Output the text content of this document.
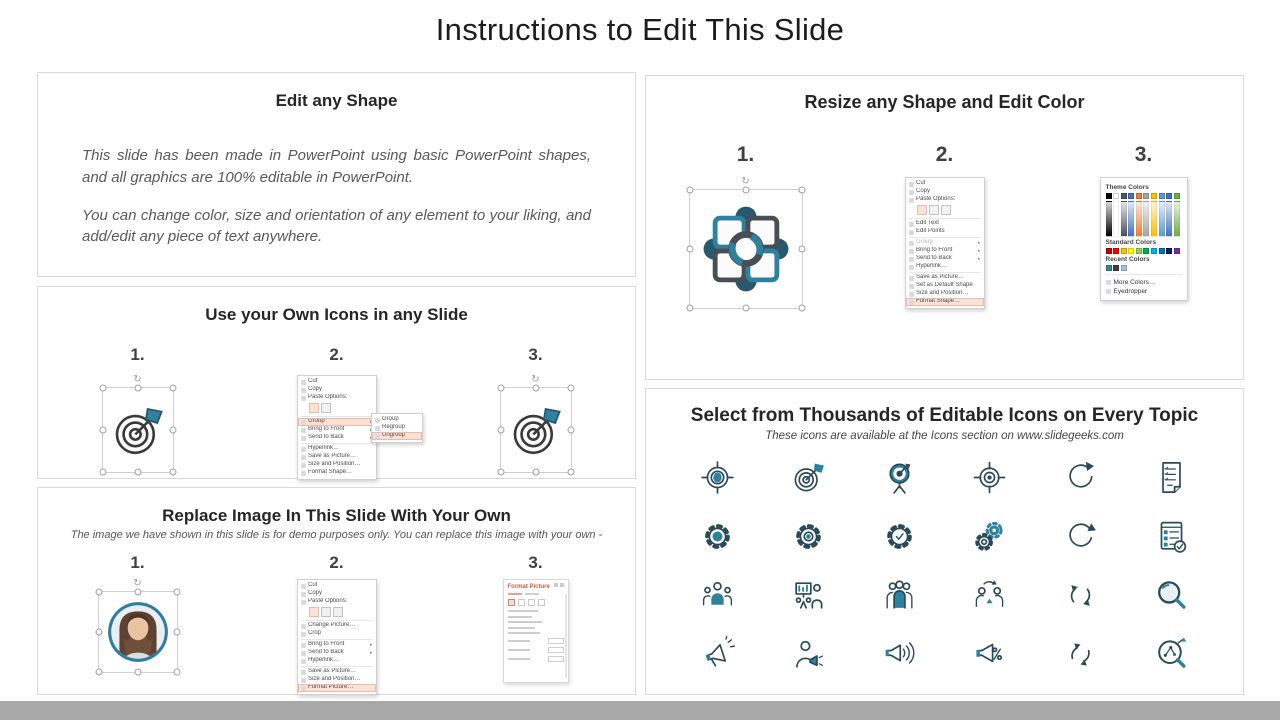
Instructions to Edit This Slide
Edit any Shape

This slide has been made in PowerPoint using basic PowerPoint shapes, and all graphics are 100% editable in PowerPoint.

You can change color, size and orientation of any element to your liking, and add/edit any piece of text anywhere.

Use your Own Icons in any Slide
1.	2.	3.
↻	Cut
Copy
Paste Options:
Group
Bring to Front
Send to Back
Hyperlink…
Save as Picture…
Size and Position…
Format Shape…
Group
Regroup
Ungroup
↻
Replace Image In This Slide With Your Own
The image we have shown in this slide is for demo purposes only. You can replace this image with your own -
1.	2.	3.
↻	Cut
Copy
Paste Options:
Change Picture…
Crop
Bring to Front	▸
Send to Back	▸
Hyperlink…
Save as Picture…
Size and Position…
Format Picture…
Format Picture
Resize any Shape and Edit Color
1.	2.	3.
↻	Cut
Copy
Paste Options:
Edit Text
Edit Points
Group	▸
Bring to Front	▸
Send to Back	▸
Hyperlink…
Save as Picture…
Set as Default Shape
Size and Position…
Format Shape…
Theme Colors
Standard Colors
Recent Colors
More Colors…
Eyedropper
Select from Thousands of Editable Icons on Every Topic
These icons are available at the Icons section on www.slidegeeks.com
